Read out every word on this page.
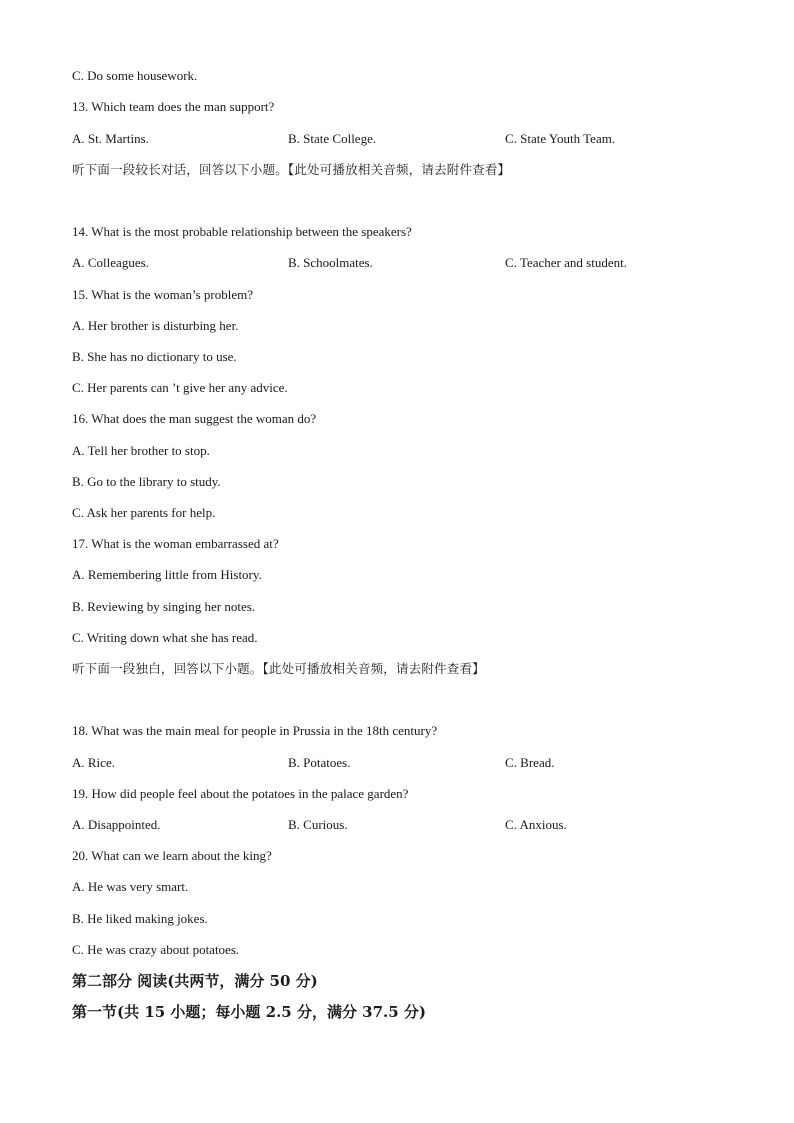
C. Do some housework.
13. Which team does the man support?
A. St. Martins.	B. State College.	C. State Youth Team.
听下面一段较长对话，回答以下小题。【此处可播放相关音频，请去附件查看】
14. What is the most probable relationship between the speakers?
A. Colleagues.	B. Schoolmates.	C. Teacher and student.
15. What is the woman’s problem?
A. Her brother is disturbing her.
B. She has no dictionary to use.
C. Her parents can ’t give her any advice.
16. What does the man suggest the woman do?
A. Tell her brother to stop.
B. Go to the library to study.
C. Ask her parents for help.
17. What is the woman embarrassed at?
A. Remembering little from History.
B. Reviewing by singing her notes.
C. Writing down what she has read.
听下面一段独白，回答以下小题。【此处可播放相关音频，请去附件查看】
18. What was the main meal for people in Prussia in the 18th century?
A. Rice.	B. Potatoes.	C. Bread.
19. How did people feel about the potatoes in the palace garden?
A. Disappointed.	B. Curious.	C. Anxious.
20. What can we learn about the king?
A. He was very smart.
B. He liked making jokes.
C. He was crazy about potatoes.
第二部分 阅读(共两节，满分 50 分)
第一节(共 15 小题；每小题 2.5 分，满分 37.5 分)
